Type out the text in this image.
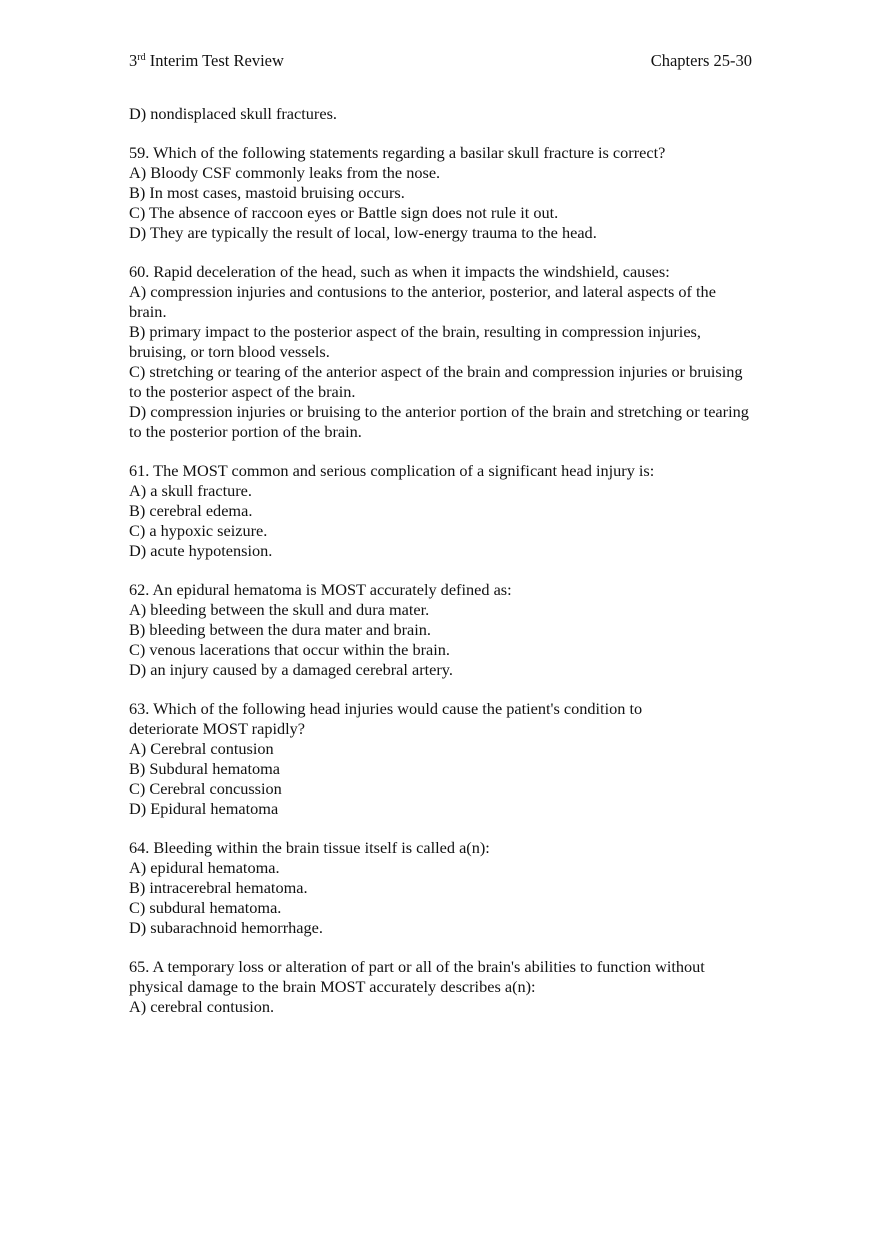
3rd Interim Test Review	Chapters 25-30
D) nondisplaced skull fractures.
59. Which of the following statements regarding a basilar skull fracture is correct?
A) Bloody CSF commonly leaks from the nose.
B) In most cases, mastoid bruising occurs.
C) The absence of raccoon eyes or Battle sign does not rule it out.
D) They are typically the result of local, low-energy trauma to the head.
60. Rapid deceleration of the head, such as when it impacts the windshield, causes:
A) compression injuries and contusions to the anterior, posterior, and lateral aspects of the brain.
B) primary impact to the posterior aspect of the brain, resulting in compression injuries, bruising, or torn blood vessels.
C) stretching or tearing of the anterior aspect of the brain and compression injuries or bruising to the posterior aspect of the brain.
D) compression injuries or bruising to the anterior portion of the brain and stretching or tearing to the posterior portion of the brain.
61. The MOST common and serious complication of a significant head injury is:
A) a skull fracture.
B) cerebral edema.
C) a hypoxic seizure.
D) acute hypotension.
62. An epidural hematoma is MOST accurately defined as:
A) bleeding between the skull and dura mater.
B) bleeding between the dura mater and brain.
C) venous lacerations that occur within the brain.
D) an injury caused by a damaged cerebral artery.
63. Which of the following head injuries would cause the patient's condition to deteriorate MOST rapidly?
A) Cerebral contusion
B) Subdural hematoma
C) Cerebral concussion
D) Epidural hematoma
64. Bleeding within the brain tissue itself is called a(n):
A) epidural hematoma.
B) intracerebral hematoma.
C) subdural hematoma.
D) subarachnoid hemorrhage.
65. A temporary loss or alteration of part or all of the brain's abilities to function without physical damage to the brain MOST accurately describes a(n):
A) cerebral contusion.
